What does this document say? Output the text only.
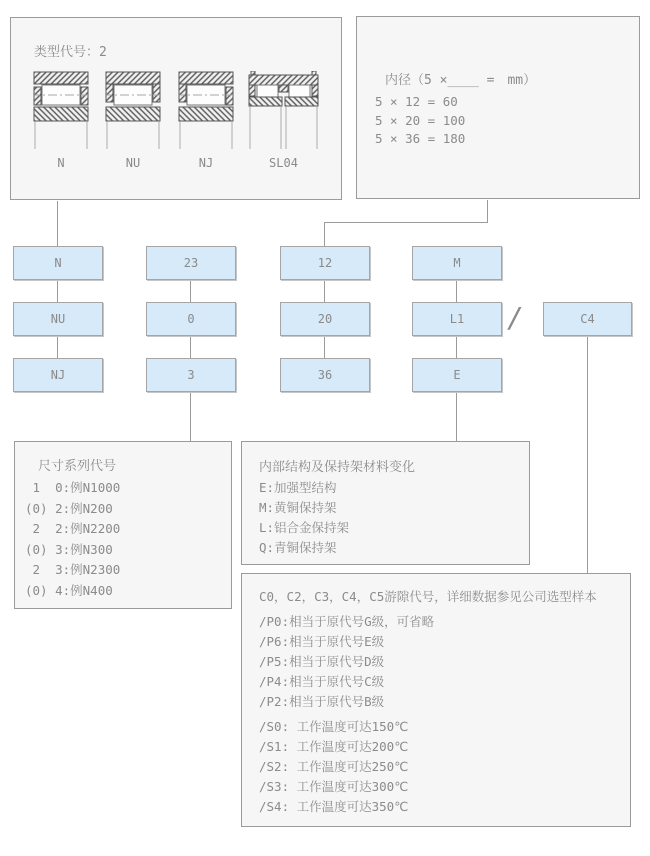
类型代号：2
N	NU	NJ	SL04
内径（5 ×____ =　mm）
5 × 12 = 60
5 × 20 = 100
5 × 36 = 180
N
NU
NJ
23
0
3
12
20
36
M
L1
E
/	C4
尺寸系列代号
1  0:例N1000
(0) 2:例N200
2  2:例N2200
(0) 3:例N300
2  3:例N2300
(0) 4:例N400
内部结构及保持架材料变化
E:加强型结构
M:黄铜保持架
L:铝合金保持架
Q:青铜保持架
C0，C2，C3，C4，C5游隙代号，详细数据参见公司选型样本
/P0:相当于原代号G级，可省略
/P6:相当于原代号E级
/P5:相当于原代号D级
/P4:相当于原代号C级
/P2:相当于原代号B级
/S0: 工作温度可达150℃
/S1: 工作温度可达200℃
/S2: 工作温度可达250℃
/S3: 工作温度可达300℃
/S4: 工作温度可达350℃
